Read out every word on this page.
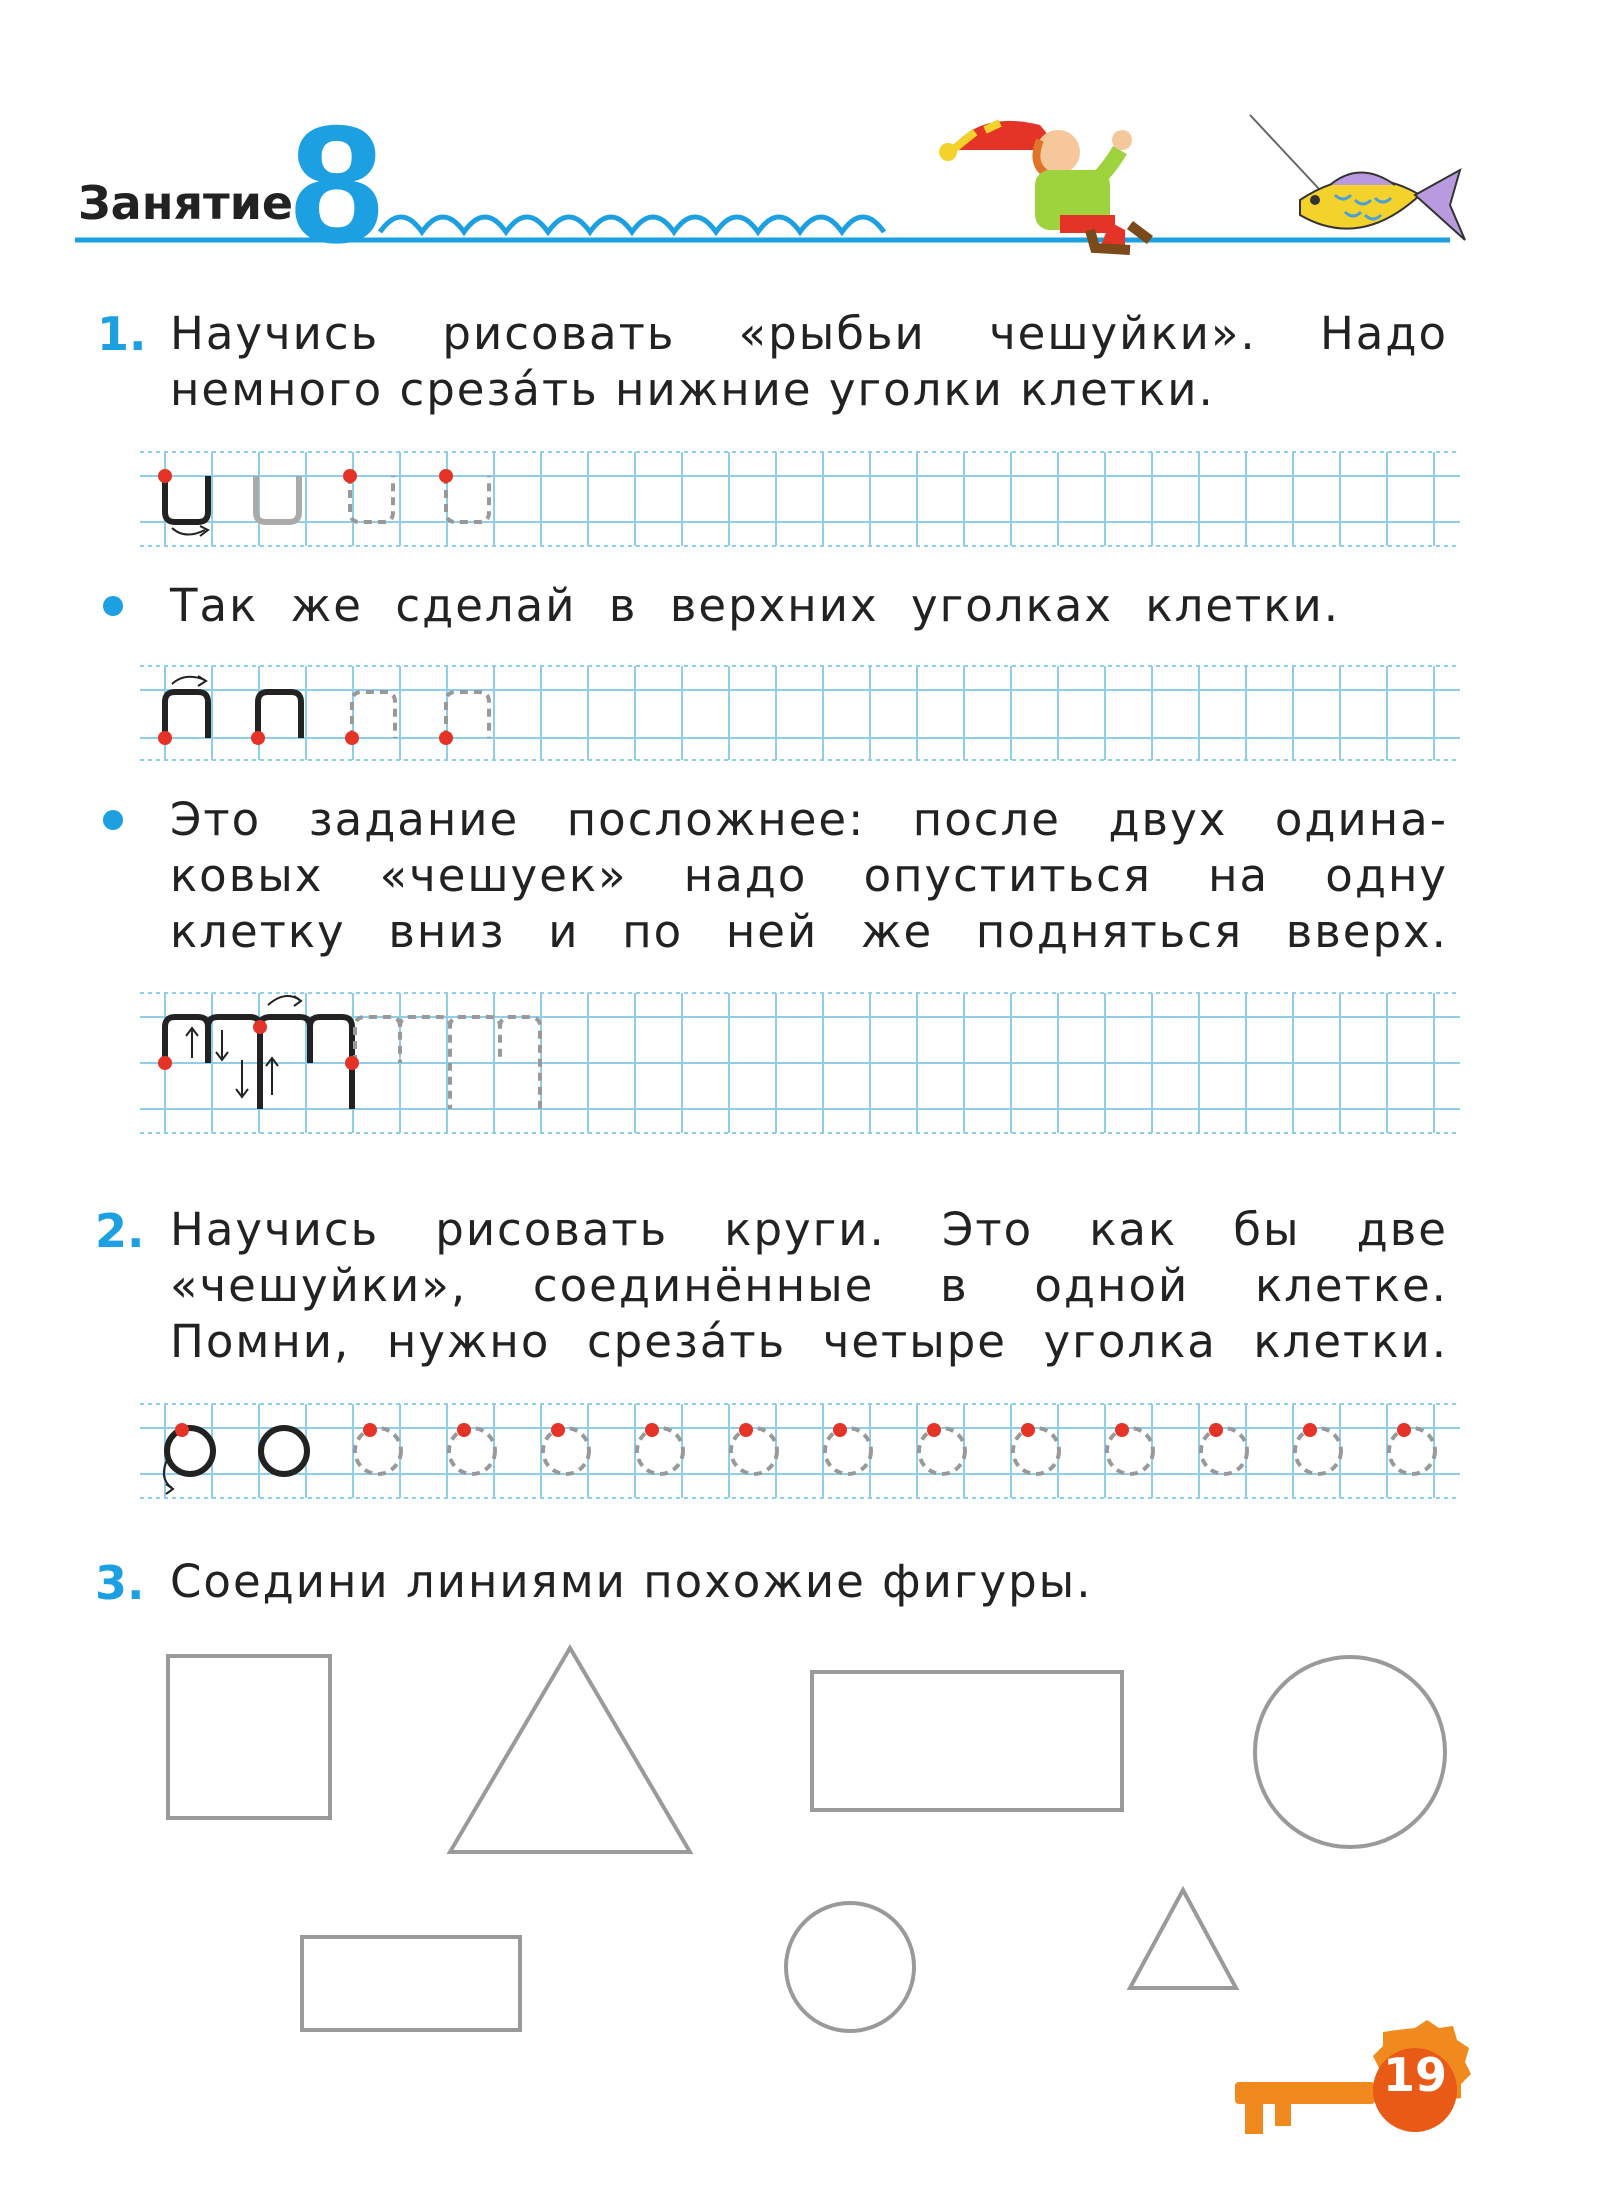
Занятие
8
1. Научись рисовать «рыбьи чешуйки». Надо
немного срезáть нижние уголки клетки.
Так же сделай в верхних уголках клетки.
Это задание посложнее: после двух одина-
ковых «чешуек» надо опуститься на одну
клетку вниз и по ней же подняться вверх.
2. Научись рисовать круги. Это как бы две
«чешуйки», соединённые в одной клетке.
Помни, нужно срезáть четыре уголка клетки.
3. Соедини линиями похожие фигуры.
19
